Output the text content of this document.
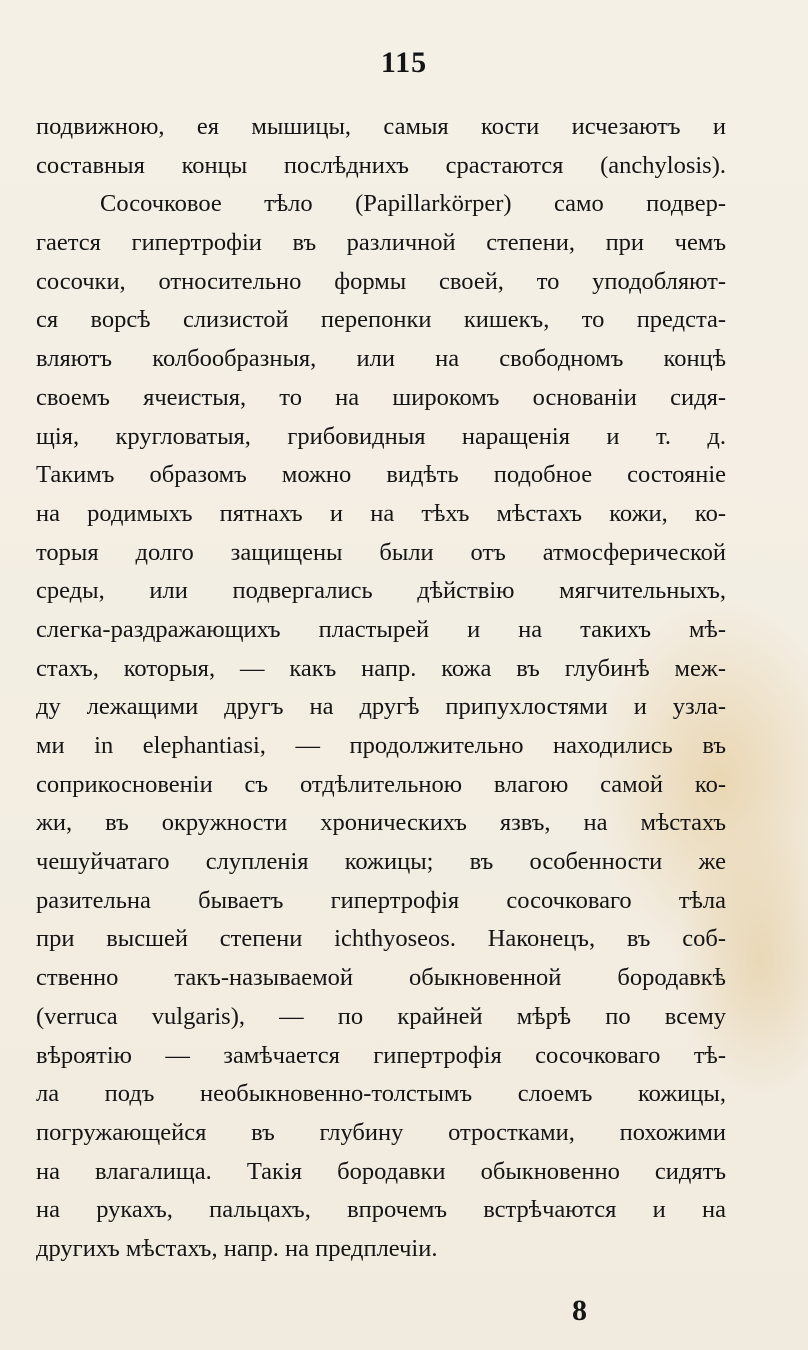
115
подвижною, ея мышицы, самыя кости исчезаютъ и
составныя концы послѣднихъ срастаются (anchylosis).
Сосочковое тѣло (Papillarkörper) само подвер-
гается гипертрофіи въ различной степени, при чемъ
сосочки, относительно формы своей, то уподобляют-
ся ворсѣ слизистой перепонки кишекъ, то предста-
вляютъ колбообразныя, или на свободномъ концѣ
своемъ ячеистыя, то на широкомъ основаніи сидя-
щія, кругловатыя, грибовидныя наращенія и т. д.
Такимъ образомъ можно видѣть подобное состояніе
на родимыхъ пятнахъ и на тѣхъ мѣстахъ кожи, ко-
торыя долго защищены были отъ атмосферической
среды, или подвергались дѣйствію мягчительныхъ,
слегка-раздражающихъ пластырей и на такихъ мѣ-
стахъ, которыя, — какъ напр. кожа въ глубинѣ меж-
ду лежащими другъ на другѣ припухлостями и узла-
ми in elephantiasi, — продолжительно находились въ
соприкосновеніи съ отдѣлительною влагою самой ко-
жи, въ окружности хроническихъ язвъ, на мѣстахъ
чешуйчатаго слупленія кожицы; въ особенности же
разительна бываетъ гипертрофія сосочковаго тѣла
при высшей степени ichthyoseos. Наконецъ, въ соб-
ственно такъ-называемой обыкновенной бородавкѣ
(verruca vulgaris), — по крайней мѣрѣ по всему
вѣроятію — замѣчается гипертрофія сосочковаго тѣ-
ла подъ необыкновенно-толстымъ слоемъ кожицы,
погружающейся въ глубину отростками, похожими
на влагалища. Такія бородавки обыкновенно сидятъ
на рукахъ, пальцахъ, впрочемъ встрѣчаются и на
другихъ мѣстахъ, напр. на предплечіи.
8
